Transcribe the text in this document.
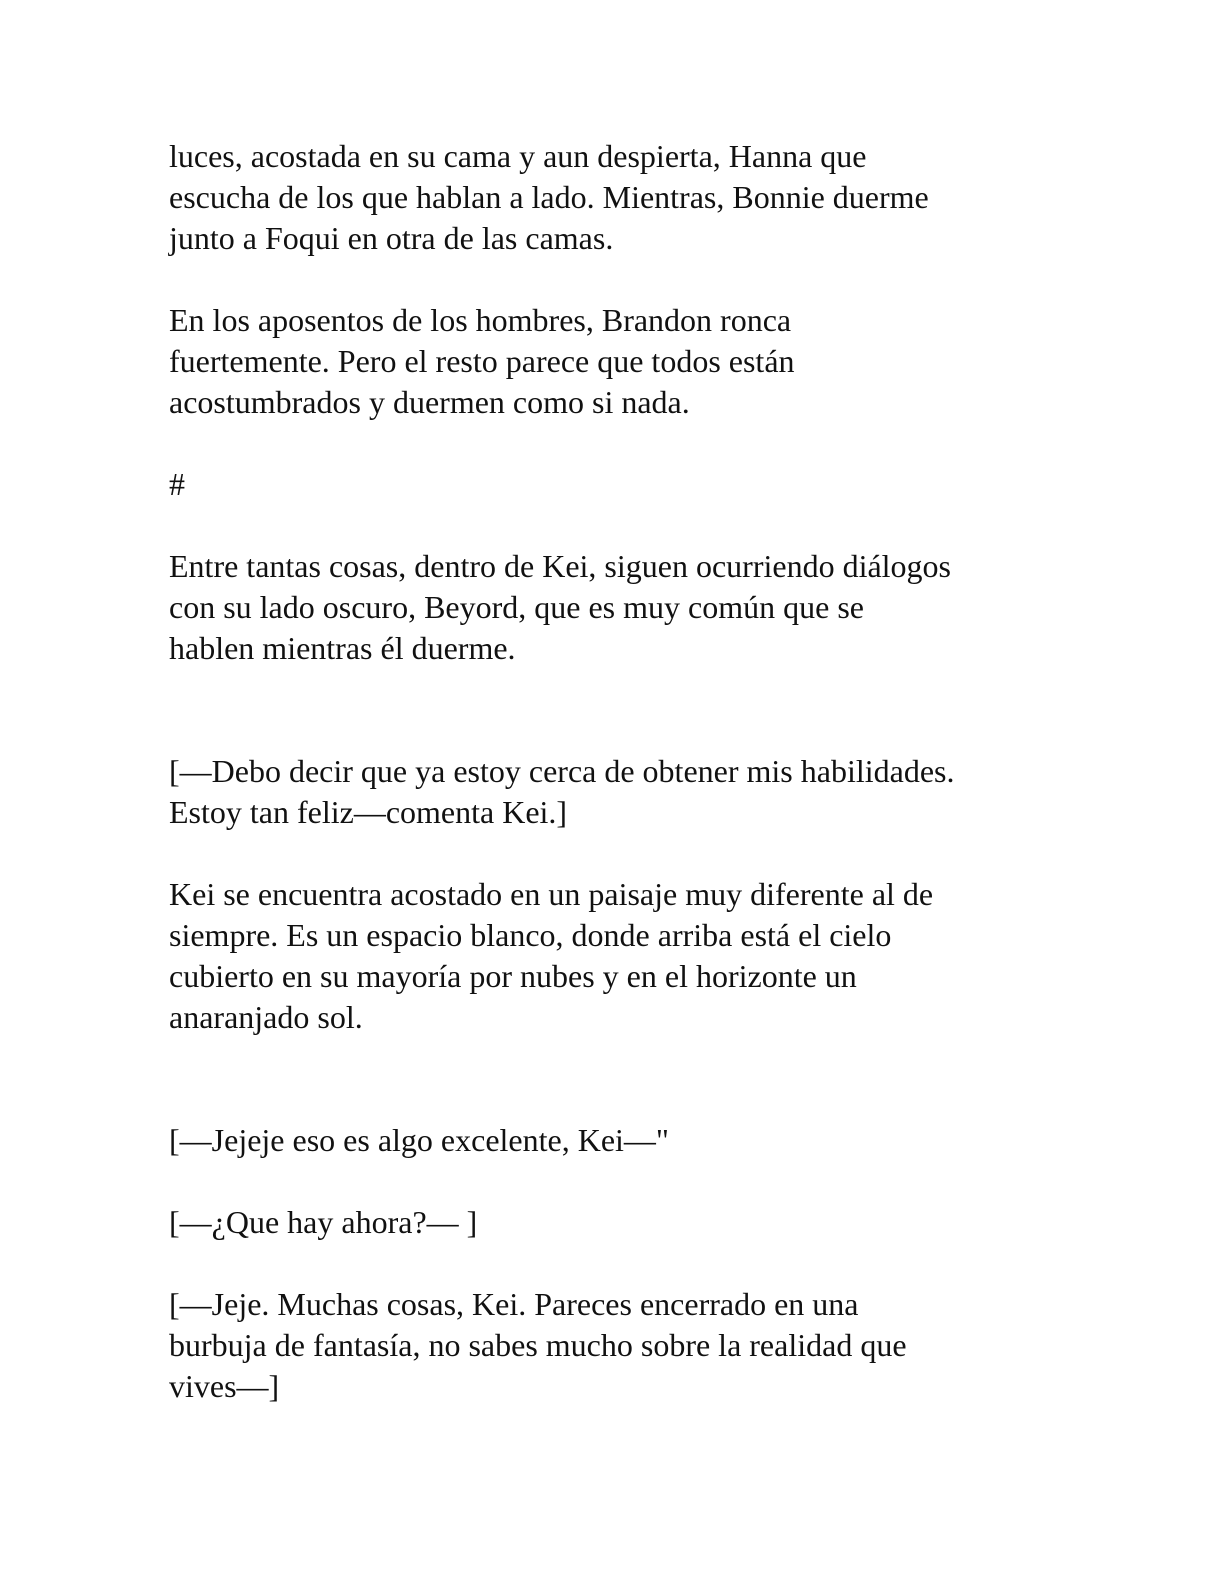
luces, acostada en su cama y aun despierta, Hanna que
escucha de los que hablan a lado. Mientras, Bonnie duerme
junto a Foqui en otra de las camas.

En los aposentos de los hombres, Brandon ronca
fuertemente. Pero el resto parece que todos están
acostumbrados y duermen como si nada.

#

Entre tantas cosas, dentro de Kei, siguen ocurriendo diálogos
con su lado oscuro, Beyord, que es muy común que se
hablen mientras él duerme.

[—Debo decir que ya estoy cerca de obtener mis habilidades.
Estoy tan feliz—comenta Kei.]

Kei se encuentra acostado en un paisaje muy diferente al de
siempre. Es un espacio blanco, donde arriba está el cielo
cubierto en su mayoría por nubes y en el horizonte un
anaranjado sol.

[—Jejeje eso es algo excelente, Kei—"

[—¿Que hay ahora?— ]

[—Jeje. Muchas cosas, Kei. Pareces encerrado en una
burbuja de fantasía, no sabes mucho sobre la realidad que
vives—]
